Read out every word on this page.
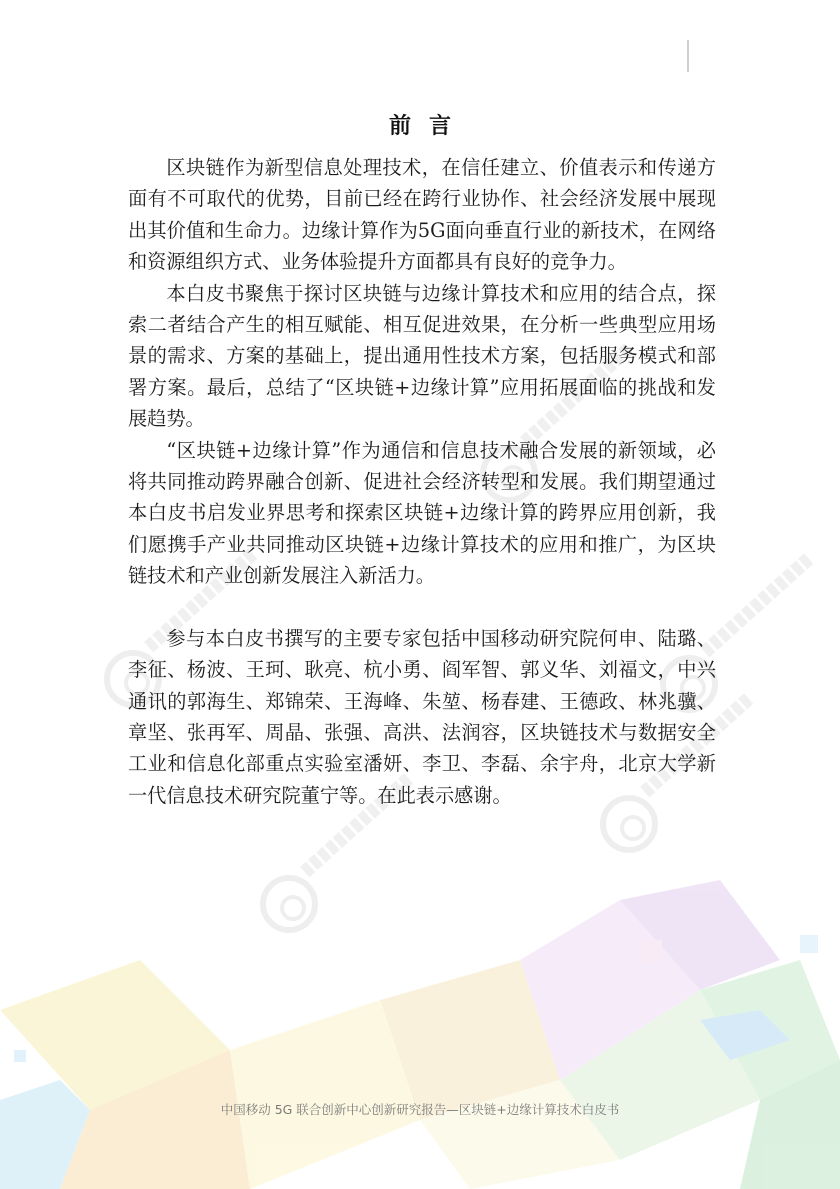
前言

区块链作为新型信息处理技术，在信任建立、价值表示和传递方面有不可取代的优势，目前已经在跨行业协作、社会经济发展中展现出其价值和生命力。边缘计算作为5G面向垂直行业的新技术，在网络和资源组织方式、业务体验提升方面都具有良好的竞争力。

本白皮书聚焦于探讨区块链与边缘计算技术和应用的结合点，探索二者结合产生的相互赋能、相互促进效果，在分析一些典型应用场景的需求、方案的基础上，提出通用性技术方案，包括服务模式和部署方案。最后，总结了“区块链+边缘计算”应用拓展面临的挑战和发展趋势。

“区块链+边缘计算”作为通信和信息技术融合发展的新领域，必将共同推动跨界融合创新、促进社会经济转型和发展。我们期望通过本白皮书启发业界思考和探索区块链+边缘计算的跨界应用创新，我们愿携手产业共同推动区块链+边缘计算技术的应用和推广，为区块链技术和产业创新发展注入新活力。

参与本白皮书撰写的主要专家包括中国移动研究院何申、陆璐、李征、杨波、王珂、耿亮、杭小勇、阎军智、郭义华、刘福文，中兴通讯的郭海生、郑锦荣、王海峰、朱堃、杨春建、王德政、林兆骥、章坚、张再军、周晶、张强、高洪、法润容，区块链技术与数据安全工业和信息化部重点实验室潘妍、李卫、李磊、余宇舟，北京大学新一代信息技术研究院董宁等。在此表示感谢。

中国移动 5G 联合创新中心创新研究报告—区块链+边缘计算技术白皮书
